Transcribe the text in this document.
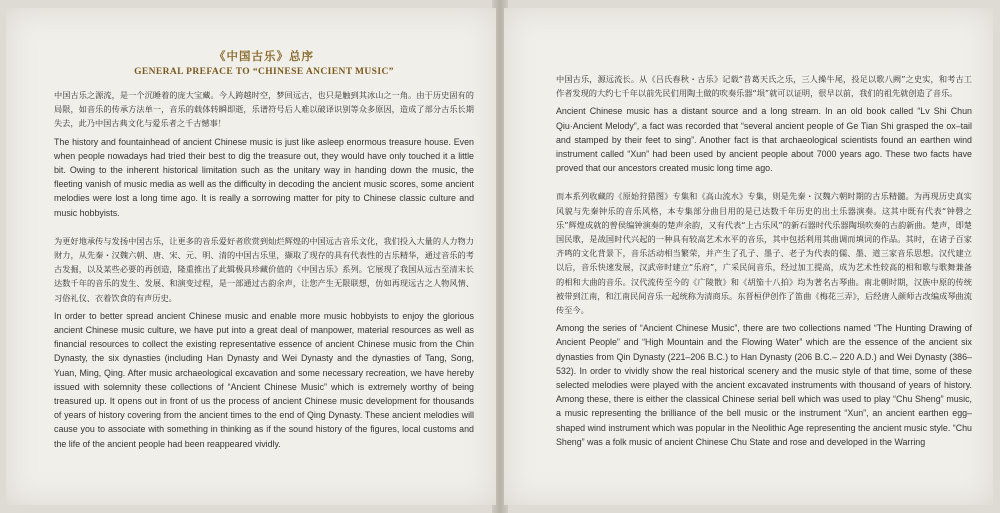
《中国古乐》总序

GENERAL PREFACE TO “CHINESE ANCIENT MUSIC”

中国古乐之源流，是一个沉睡着的庞大宝藏。今人跨越时空，梦回远古，也只是触到其冰山之一角。由于历史固有的局限，如音乐的传承方法单一，音乐的载体转瞬即逝，乐谱符号后人难以破译识别等众多原因，造成了部分古乐长期失去，此乃中国古典文化与爱乐者之千古憾事！

The history and fountainhead of ancient Chinese music is just like asleep enormous treasure house. Even when people nowadays had tried their best to dig the treasure out, they would have only touched it a little bit. Owing to the inherent historical limitation such as the unitary way in handing down the music, the fleeting vanish of music media as well as the difficulty in decoding the ancient music scores, some ancient melodies were lost a long time ago. It is really a sorrowing matter for pity to Chinese classic culture and music hobbyists.

为更好地承传与发扬中国古乐，让更多的音乐爱好者欣赏到灿烂辉煌的中国远古音乐文化，我们投入大量的人力物力财力，从先秦・汉魏六朝、唐、宋、元、明、清的中国古乐里，撷取了现存的具有代表性的古乐精华，通过音乐的考古发掘，以及某些必要的再创造，隆重推出了此辑极具珍藏价值的《中国古乐》系列。它展现了我国从远古至清末长达数千年的音乐的发生、发展、和演变过程，是一部通过古韵余声，让您产生无限联想，仿如再现远古之人物风情、习俗礼仪、衣着饮食的有声历史。

In order to better spread ancient Chinese music and enable more music hobbyists to enjoy the glorious ancient Chinese music culture, we have put into a great deal of manpower, material resources as well as financial resources to collect the existing representative essence of ancient Chinese music from the Chin Dynasty, the six dynasties (including Han Dynasty and Wei Dynasty and the dynasties of Tang, Song, Yuan, Ming, Qing. After music archaeological excavation and some necessary recreation, we have hereby issued with solemnity these collections of “Ancient Chinese Music” which is extremely worthy of being treasured up. It opens out in front of us the process of ancient Chinese music development for thousands of years of history covering from the ancient times to the end of Qing Dynasty. These ancient melodies will cause you to associate with something in thinking as if the sound history of the figures, local customs and the life of the ancient people had been reappeared vividly.

中国古乐，源远流长。从《吕氏春秋・古乐》记载“昔葛天氏之乐，三人操牛尾，投足以歌八阙”之史实，和考古工作者发现的大约七千年以前先民们用陶土做的吹奏乐器“埙”就可以证明，很早以前，我们的祖先就创造了音乐。

Ancient Chinese music has a distant source and a long stream. In an old book called “Lv Shi Chun Qiu·Ancient Melody”, a fact was recorded that “several ancient people of Ge Tian Shi grasped the ox–tail and stamped by their feet to sing”. Another fact is that archaeological scientists found an earthen wind instrument called “Xun” had been used by ancient people about 7000 years ago. These two facts have proved that our ancestors created music long time ago.

而本系列收藏的《原始狩猎图》专集和《高山流水》专集，则是先秦・汉魏六朝时期的古乐精髓。为再现历史真实风貌与先秦钟乐的音乐风格，本专集部分曲目用的是已达数千年历史的出土乐器演奏。这其中既有代表“钟磬之乐”辉煌成就的曾侯编钟演奏的楚声余韵，又有代表“上古乐风”的新石器时代乐器陶埙吹奏的古韵新曲。楚声，即楚国民歌，是战国时代兴起的一种具有较高艺术水平的音乐，其中包括利用其曲调而填词的作品。其时，在诸子百家齐鸣的文化背景下，音乐活动相当繁荣，并产生了孔子、墨子、老子为代表的儒、墨、道三家音乐思想。汉代建立以后，音乐快速发展，汉武帝时建立“乐府”，广采民间音乐，经过加工提高，成为艺术性较高的相和歌与歌舞兼备的相和大曲的音乐。汉代流传至今的《广陵散》和《胡笳十八拍》均为著名古琴曲。南北朝时期，汉族中原的传统被带到江南，和江南民间音乐一起统称为清商乐。东晋桓伊创作了笛曲《梅花三弄》，后经唐人颜师古改编成琴曲流传至今。

Among the series of “Ancient Chinese Music”, there are two collections named “The Hunting Drawing of Ancient People” and “High Mountain and the Flowing Water” which are the essence of the ancient six dynasties from Qin Dynasty (221–206 B.C.) to Han Dynasty (206 B.C.– 220 A.D.) and Wei Dynasty (386–532). In order to vividly show the real historical scenery and the music style of that time, some of these selected melodies were played with the ancient excavated instruments with thousand of years of history. Among these, there is either the classical Chinese serial bell which was used to play “Chu Sheng” music, a music representing the brilliance of the bell music or the instrument “Xun”, an ancient earthen egg–shaped wind instrument which was popular in the Neolithic Age representing the ancient music style. “Chu Sheng” was a folk music of ancient Chinese Chu State and rose and developed in the Warring
